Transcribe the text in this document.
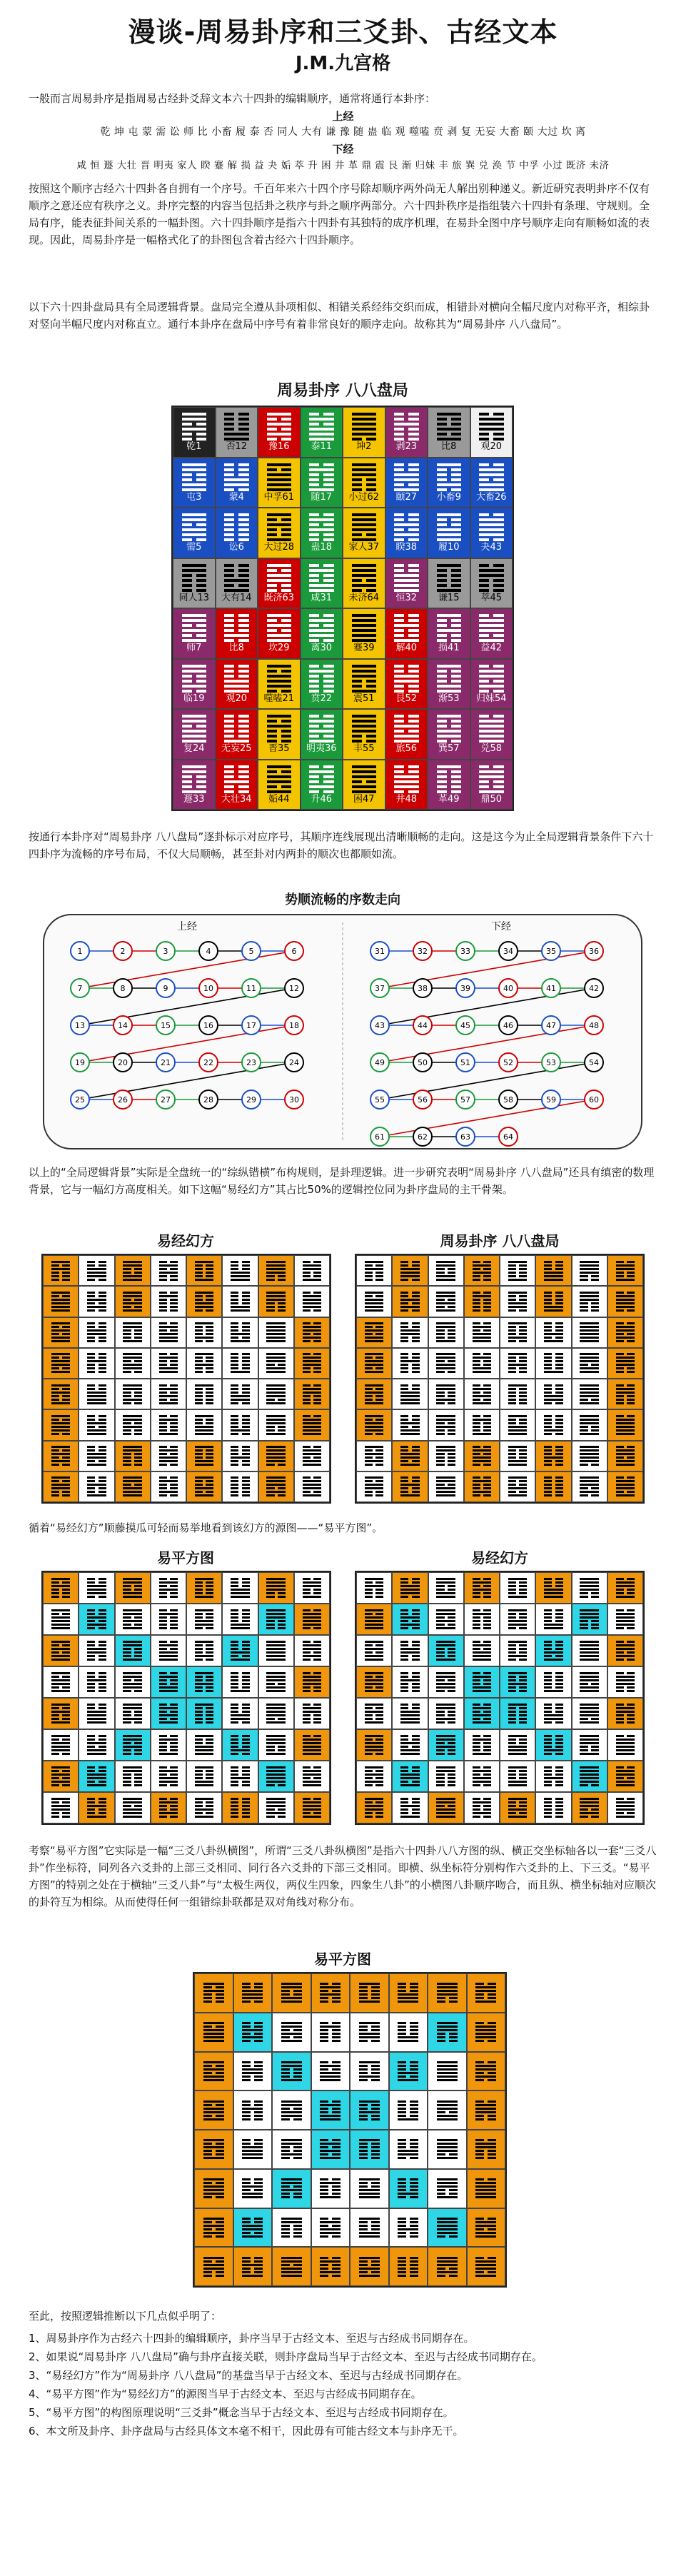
漫谈-周易卦序和三爻卦、古经文本
J.M.九宫格

一般而言周易卦序是指周易古经卦爻辞文本六十四卦的编辑顺序，通常将通行本卦序：

上经
乾 坤 屯 蒙 需 讼 师 比 小畜 履 泰 否 同人 大有 谦 豫 随 蛊 临 观 噬嗑 贲 剥 复 无妄 大畜 颐 大过 坎 离
下经
咸 恒 遯 大壮 晋 明夷 家人 睽 蹇 解 损 益 夬 姤 萃 升 困 井 革 鼎 震 艮 渐 归妹 丰 旅 巽 兑 涣 节 中孚 小过 既济 未济

按照这个顺序古经六十四卦各自拥有一个序号。千百年来六十四个序号除却顺序两外尚无人解出别种递义。新近研究表明卦序不仅有顺序之意还应有秩序之义。卦序完整的内容当包括卦之秩序与卦之顺序两部分。六十四卦秩序是指组装六十四卦有条理、守规则。全局有序，能表征卦间关系的一幅卦图。六十四卦顺序是指六十四卦有其独特的成序机理，在易卦全图中序号顺序走向有顺畅如流的表现。因此，周易卦序是一幅格式化了的卦图包含着古经六十四卦顺序。

以下六十四卦盘局具有全局逻辑背景。盘局完全遵从卦项相似、相错关系经纬交织而成，相错卦对横向全幅尺度内对称平齐，相综卦对竖向半幅尺度内对称直立。通行本卦序在盘局中序号有着非常良好的顺序走向。故称其为“周易卦序 八八盘局”。

周易卦序 八八盘局
乾1	否12 豫16 泰11	坤2	剥23	比8	观20
屯3	蒙4 中孚61 随17 小过62 颐27 小畜9 大畜26
需5	讼6 大过28 蛊18 家人37 睽38 履10 夬43
同人13 大有14 既济63 咸31 未济64 恒32 谦15 萃45
师7	比8	坎29 离30 蹇39 解40 损41 益42
临19 观20 噬嗑21 贲22 震51 艮52 渐53 归妹54
复24 无妄25 晋35 明夷36 丰55 旅56 巽57 兑58
遯33 大壮34 姤44 升46 困47 井48 革49 鼎50

按通行本卦序对“周易卦序 八八盘局”逐卦标示对应序号，其顺序连线展现出清晰顺畅的走向。这是这今为止全局逻辑背景条件下六十四卦序为流畅的序号布局，不仅大局顺畅，甚至卦对内两卦的顺次也都顺如流。

势顺流畅的序数走向
上经	下经
1	2	3	4	5	6
7	8	9	10	11	12
13	14	15	16	17	18
19	20	21	22	23	24
25	26	27	28	29	30
31	32	33	34	35	36
37	38	39	40	41	42
43	44	45	46	47	48
49	50	51	52	53	54
55	56	57	58	59	60
61	62	63	64

以上的“全局逻辑背景”实际是全盘统一的“综纵错横”布构规则，是卦理逻辑。进一步研究表明“周易卦序 八八盘局”还具有缜密的数理背景，它与一幅幻方高度相关。如下这幅“易经幻方”其占比50%的逻辑控位同为卦序盘局的主干骨架。

易经幻方	周易卦序 八八盘局

循着“易经幻方”顺藤摸瓜可轻而易举地看到该幻方的源图——“易平方图”。

易平方图	易经幻方

考察“易平方图”它实际是一幅“三爻八卦纵横图”，所谓“三爻八卦纵横图”是指六十四卦八八方图的纵、横正交坐标轴各以一套“三爻八卦”作坐标符，同列各六爻卦的上部三爻相同、同行各六爻卦的下部三爻相同。即横、纵坐标符分别构作六爻卦的上、下三爻。“易平方图”的特别之处在于横轴“三爻八卦”与“太极生两仪，两仪生四象，四象生八卦”的小横图八卦顺序吻合，而且纵、横坐标轴对应顺次的卦符互为相综。从而使得任何一组错综卦联都是双对角线对称分布。

易平方图
至此，按照逻辑推断以下几点似乎明了：
1、周易卦序作为古经六十四卦的编辑顺序，卦序当早于古经文本、至迟与古经成书同期存在。
2、如果说“周易卦序 八八盘局”确与卦序直接关联，则卦序盘局当早于古经文本、至迟与古经成书同期存在。
3、“易经幻方”作为“周易卦序 八八盘局”的基盘当早于古经文本、至迟与古经成书同期存在。
4、“易平方图”作为“易经幻方”的源图当早于古经文本、至迟与古经成书同期存在。
5、“易平方图”的构图原理说明“三爻卦”概念当早于古经文本、至迟与古经成书同期存在。
6、本文所及卦序、卦序盘局与古经具体文本毫不相干，因此毋有可能古经文本与卦序无干。
